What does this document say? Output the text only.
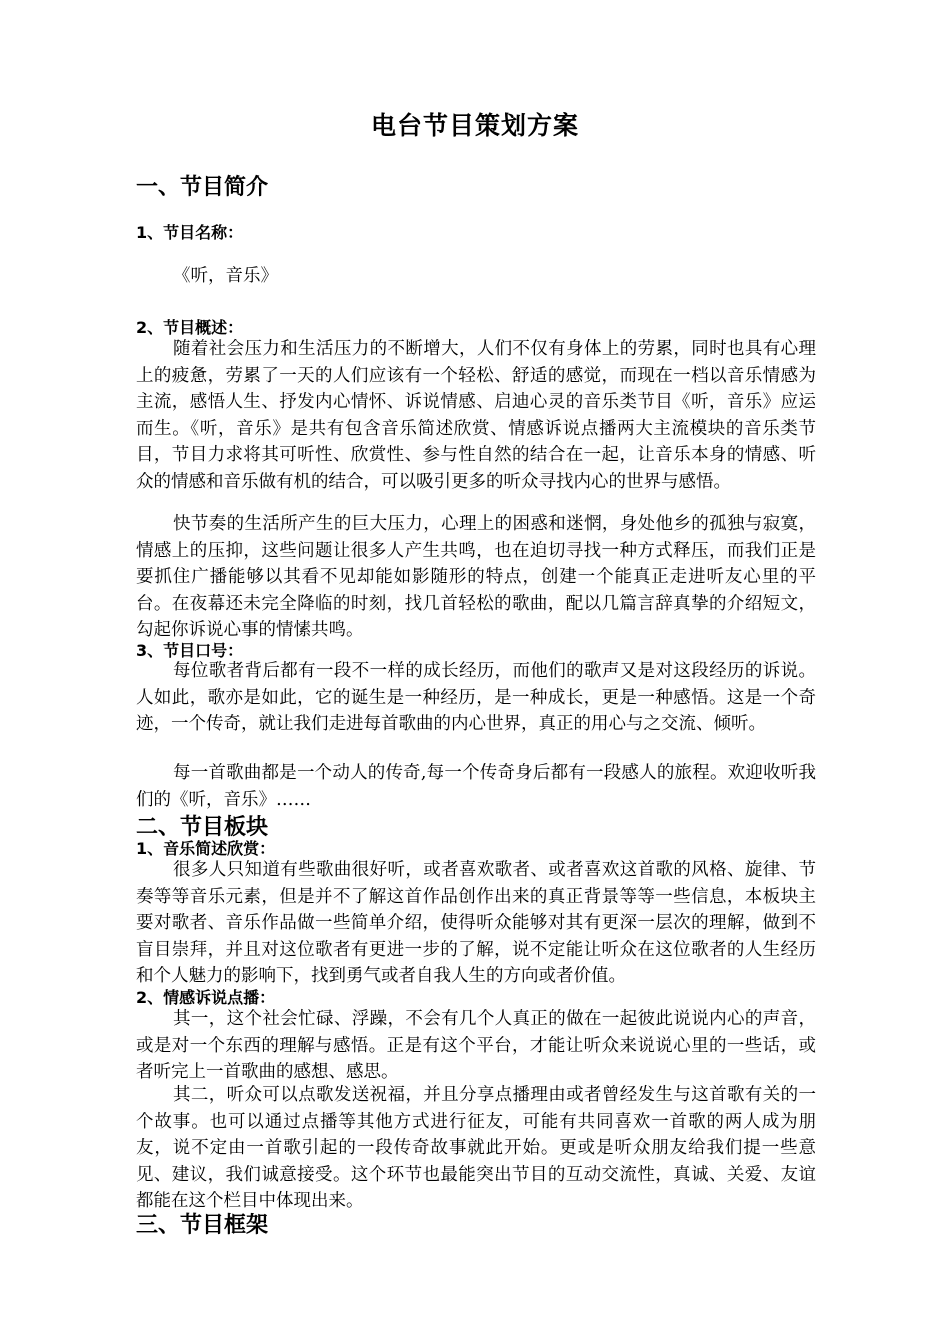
电台节目策划方案
一、节目简介
1、节目名称：
《听，音乐》
2、节目概述：

随着社会压力和生活压力的不断增大，人们不仅有身体上的劳累，同时也具有心理上的疲惫，劳累了一天的人们应该有一个轻松、舒适的感觉，而现在一档以音乐情感为主流，感悟人生、抒发内心情怀、诉说情感、启迪心灵的音乐类节目《听，音乐》应运而生。《听，音乐》是共有包含音乐简述欣赏、情感诉说点播两大主流模块的音乐类节目，节目力求将其可听性、欣赏性、参与性自然的结合在一起，让音乐本身的情感、听众的情感和音乐做有机的结合，可以吸引更多的听众寻找内心的世界与感悟。

快节奏的生活所产生的巨大压力，心理上的困惑和迷惘，身处他乡的孤独与寂寞，情感上的压抑，这些问题让很多人产生共鸣，也在迫切寻找一种方式释压，而我们正是要抓住广播能够以其看不见却能如影随形的特点，创建一个能真正走进听友心里的平台。在夜幕还未完全降临的时刻，找几首轻松的歌曲，配以几篇言辞真挚的介绍短文，勾起你诉说心事的情愫共鸣。

3、节目口号：

每位歌者背后都有一段不一样的成长经历，而他们的歌声又是对这段经历的诉说。人如此，歌亦是如此，它的诞生是一种经历，是一种成长，更是一种感悟。这是一个奇迹，一个传奇，就让我们走进每首歌曲的内心世界，真正的用心与之交流、倾听。

每一首歌曲都是一个动人的传奇,每一个传奇身后都有一段感人的旅程。欢迎收听我们的《听，音乐》……

二、节目板块
1、音乐简述欣赏：

很多人只知道有些歌曲很好听，或者喜欢歌者、或者喜欢这首歌的风格、旋律、节奏等等音乐元素，但是并不了解这首作品创作出来的真正背景等等一些信息，本板块主要对歌者、音乐作品做一些简单介绍，使得听众能够对其有更深一层次的理解，做到不盲目崇拜，并且对这位歌者有更进一步的了解，说不定能让听众在这位歌者的人生经历和个人魅力的影响下，找到勇气或者自我人生的方向或者价值。

2、情感诉说点播：

其一，这个社会忙碌、浮躁，不会有几个人真正的做在一起彼此说说内心的声音，或是对一个东西的理解与感悟。正是有这个平台，才能让听众来说说心里的一些话，或者听完上一首歌曲的感想、感思。

其二，听众可以点歌发送祝福，并且分享点播理由或者曾经发生与这首歌有关的一个故事。也可以通过点播等其他方式进行征友，可能有共同喜欢一首歌的两人成为朋友，说不定由一首歌引起的一段传奇故事就此开始。更或是听众朋友给我们提一些意见、建议，我们诚意接受。这个环节也最能突出节目的互动交流性，真诚、关爱、友谊都能在这个栏目中体现出来。

三、节目框架
